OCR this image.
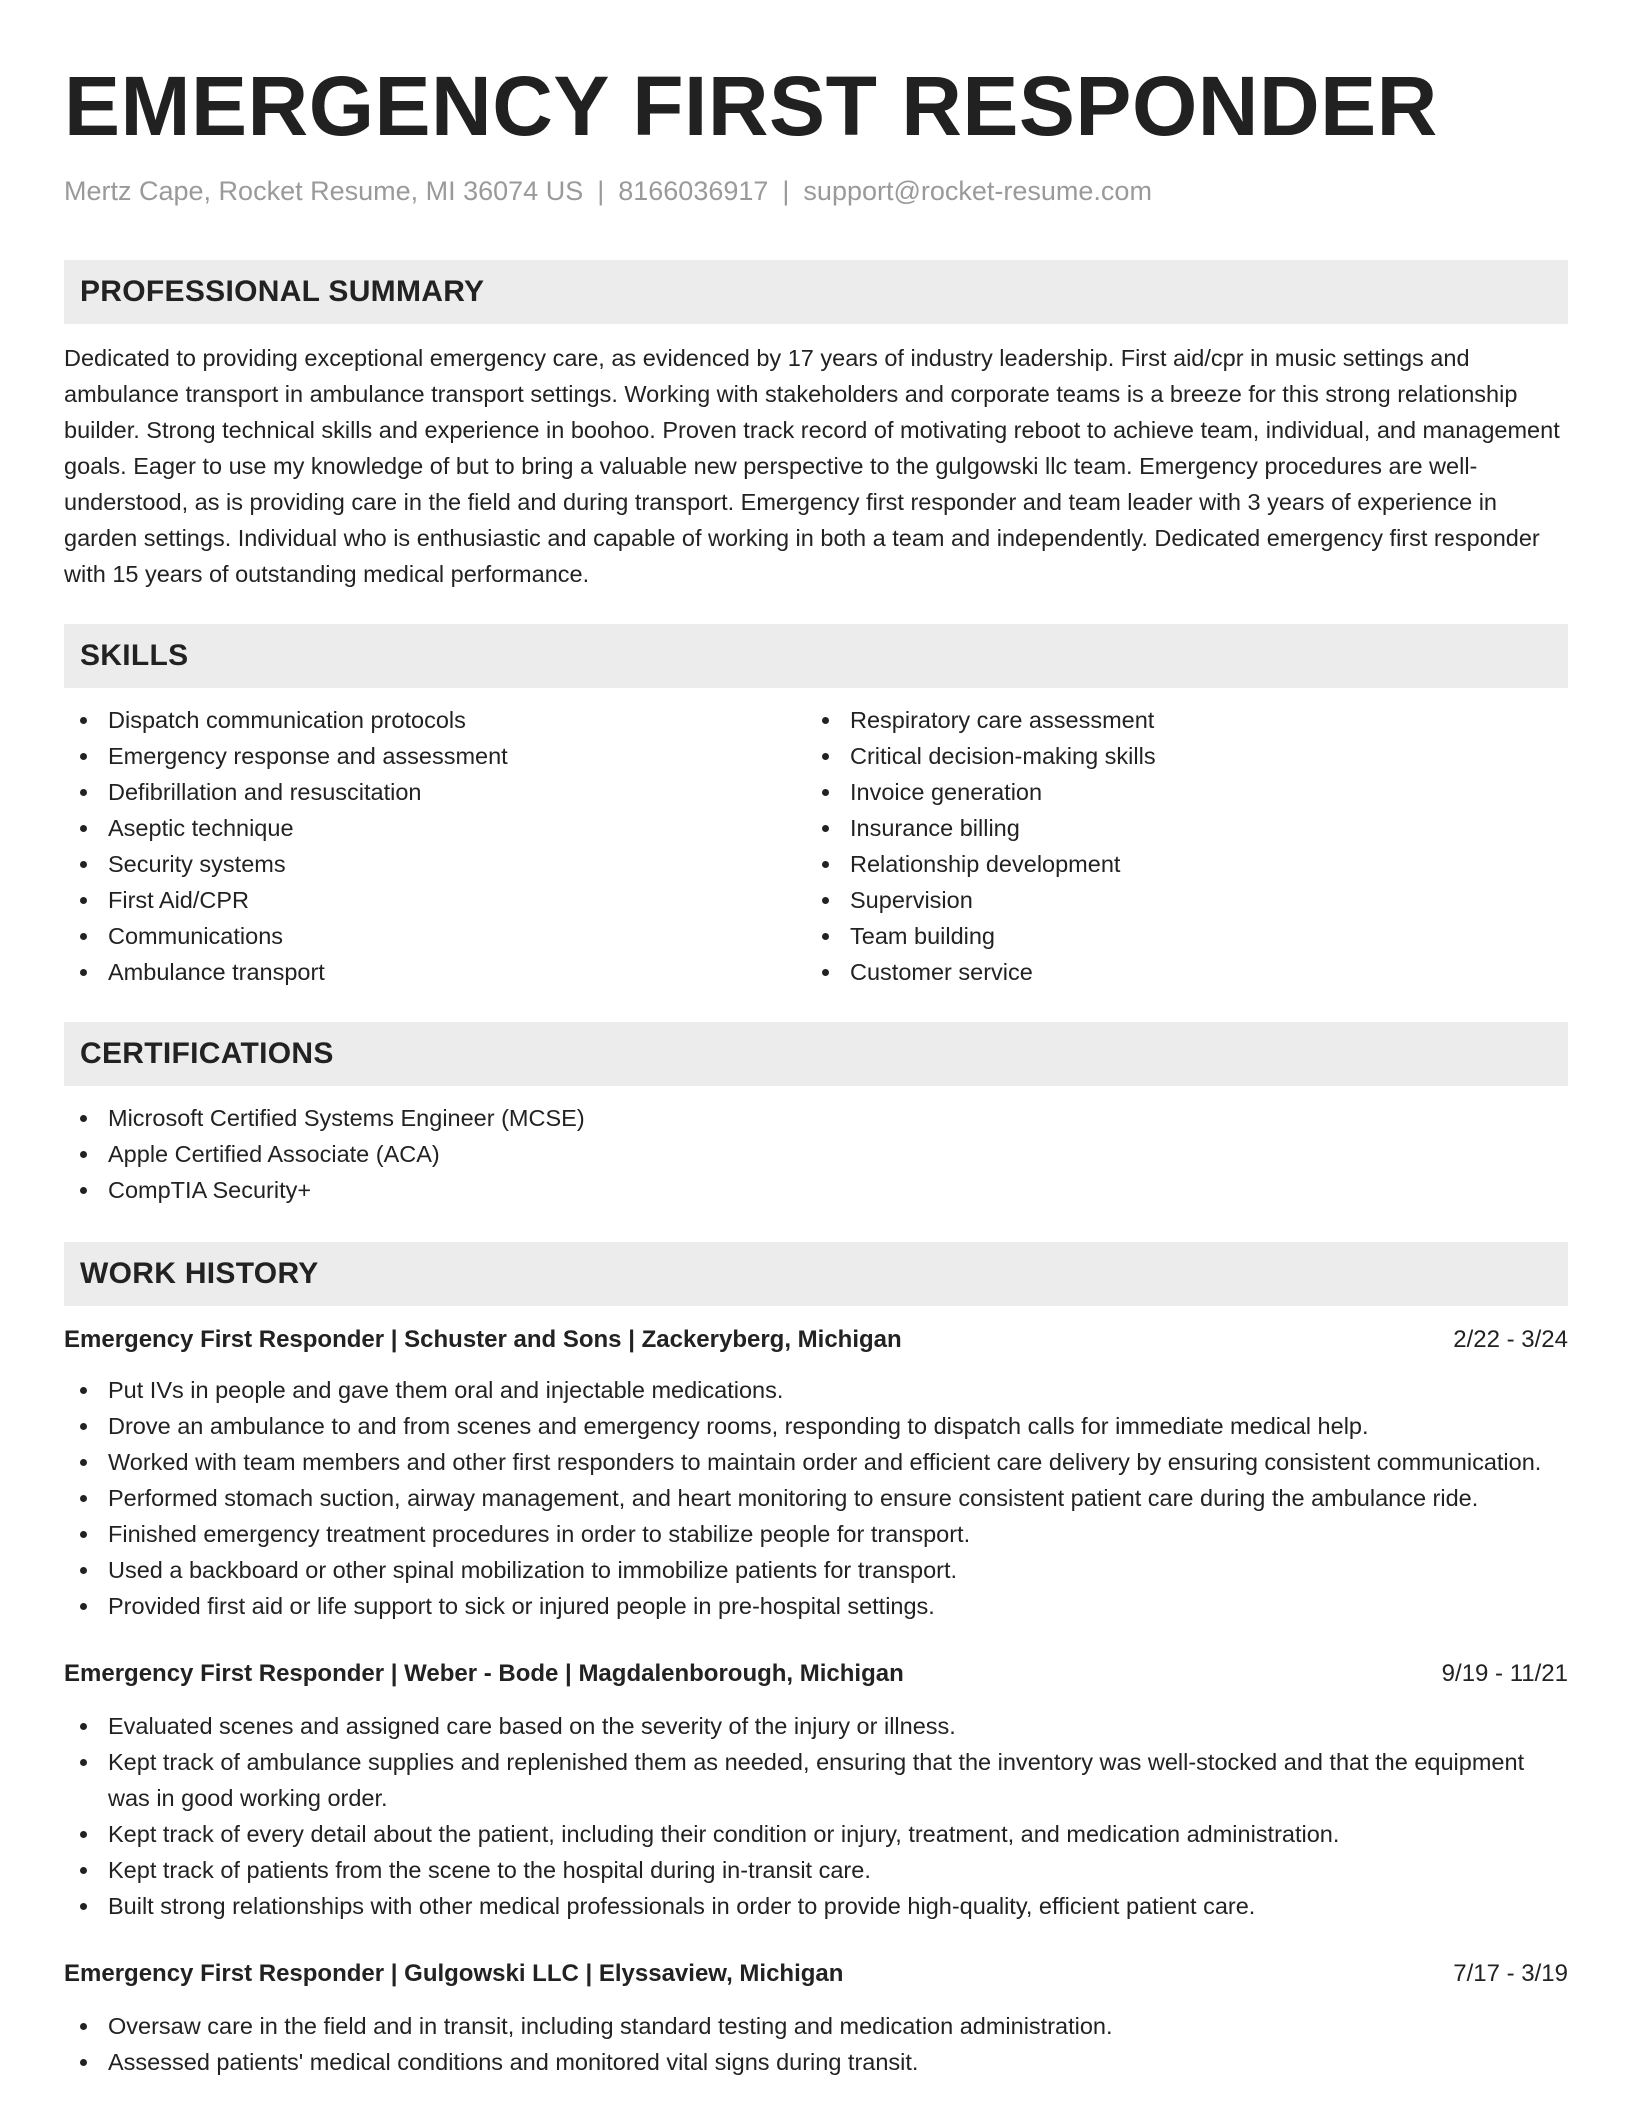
EMERGENCY FIRST RESPONDER
Mertz Cape, Rocket Resume, MI 36074 US | 8166036917 | support@rocket-resume.com
PROFESSIONAL SUMMARY

Dedicated to providing exceptional emergency care, as evidenced by 17 years of industry leadership. First aid/cpr in music settings and ambulance transport in ambulance transport settings. Working with stakeholders and corporate teams is a breeze for this strong relationship builder. Strong technical skills and experience in boohoo. Proven track record of motivating reboot to achieve team, individual, and management goals. Eager to use my knowledge of but to bring a valuable new perspective to the gulgowski llc team. Emergency procedures are well-understood, as is providing care in the field and during transport. Emergency first responder and team leader with 3 years of experience in garden settings. Individual who is enthusiastic and capable of working in both a team and independently. Dedicated emergency first responder with 15 years of outstanding medical performance.

SKILLS
Dispatch communication protocols
Emergency response and assessment
Defibrillation and resuscitation
Aseptic technique
Security systems
First Aid/CPR
Communications
Ambulance transport
Respiratory care assessment
Critical decision-making skills
Invoice generation
Insurance billing
Relationship development
Supervision
Team building
Customer service
CERTIFICATIONS
Microsoft Certified Systems Engineer (MCSE)
Apple Certified Associate (ACA)
CompTIA Security+
WORK HISTORY
Emergency First Responder | Schuster and Sons | Zackeryberg, Michigan	2/22 - 3/24
Put IVs in people and gave them oral and injectable medications.
Drove an ambulance to and from scenes and emergency rooms, responding to dispatch calls for immediate medical help.
Worked with team members and other first responders to maintain order and efficient care delivery by ensuring consistent communication.
Performed stomach suction, airway management, and heart monitoring to ensure consistent patient care during the ambulance ride.
Finished emergency treatment procedures in order to stabilize people for transport.
Used a backboard or other spinal mobilization to immobilize patients for transport.
Provided first aid or life support to sick or injured people in pre-hospital settings.
Emergency First Responder | Weber - Bode | Magdalenborough, Michigan	9/19 - 11/21
Evaluated scenes and assigned care based on the severity of the injury or illness.
Kept track of ambulance supplies and replenished them as needed, ensuring that the inventory was well-stocked and that the equipment was in good working order.
Kept track of every detail about the patient, including their condition or injury, treatment, and medication administration.
Kept track of patients from the scene to the hospital during in-transit care.
Built strong relationships with other medical professionals in order to provide high-quality, efficient patient care.
Emergency First Responder | Gulgowski LLC | Elyssaview, Michigan	7/17 - 3/19
Oversaw care in the field and in transit, including standard testing and medication administration.
Assessed patients' medical conditions and monitored vital signs during transit.
